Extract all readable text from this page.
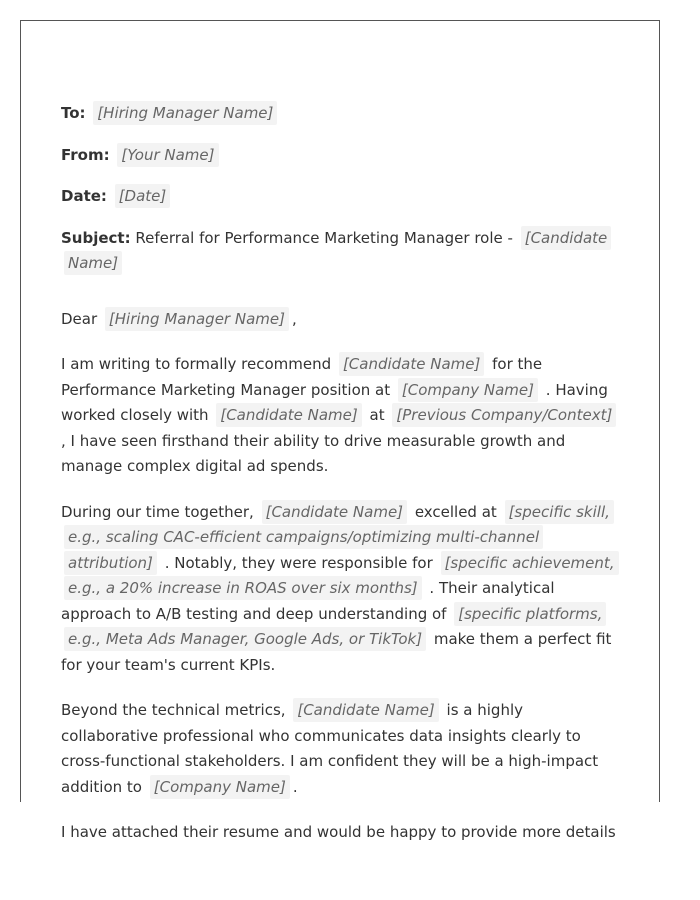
To: [Hiring Manager Name]
From: [Your Name]
Date: [Date]
Subject: Referral for Performance Marketing Manager role - [Candidate Name]

Dear [Hiring Manager Name] ,

I am writing to formally recommend [Candidate Name] for the Performance Marketing Manager position at [Company Name] . Having worked closely with [Candidate Name] at [Previous Company/Context] , I have seen firsthand their ability to drive measurable growth and manage complex digital ad spends.

During our time together, [Candidate Name] excelled at [specific skill, e.g., scaling CAC-efficient campaigns/optimizing multi-channel attribution] . Notably, they were responsible for [specific achievement, e.g., a 20% increase in ROAS over six months] . Their analytical approach to A/B testing and deep understanding of [specific platforms, e.g., Meta Ads Manager, Google Ads, or TikTok] make them a perfect fit for your team's current KPIs.

Beyond the technical metrics, [Candidate Name] is a highly collaborative professional who communicates data insights clearly to cross-functional stakeholders. I am confident they will be a high-impact addition to [Company Name] .

I have attached their resume and would be happy to provide more details
